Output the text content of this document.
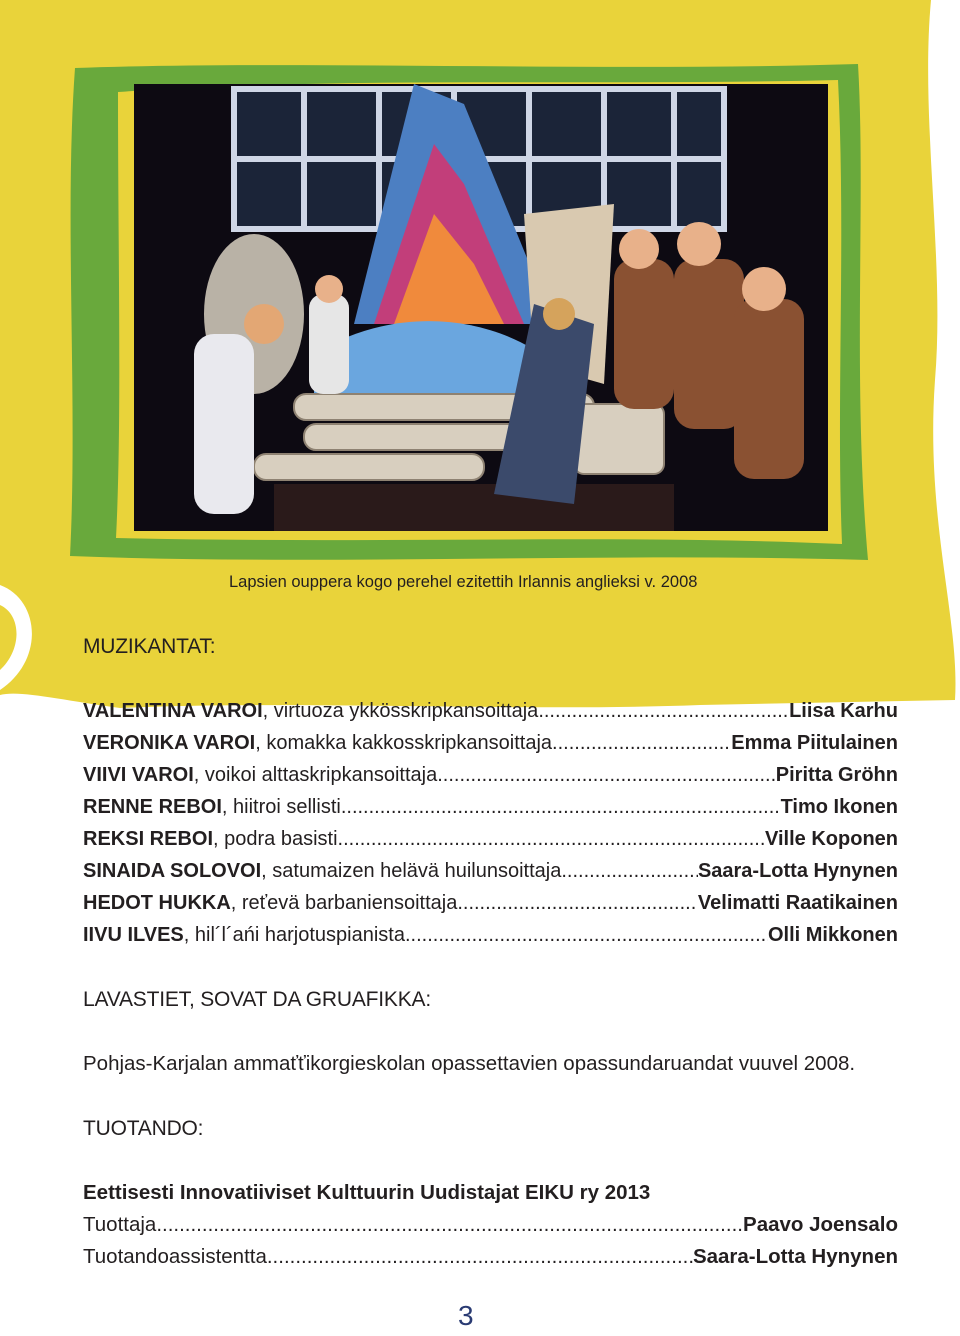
Lapsien ouppera kogo perehel ezitettih Irlannis anglieksi v. 2008
MUZIKANTAT:
VALENTINA VAROI , virtuoza ykkösskripkansoittaja .....	Liisa Karhu
VERONIKA VAROI , komakka kakkosskripkansoittaja .....	Emma Piitulainen
VIIVI VAROI , voikoi alttaskripkansoittaja .....	Piritta Gröhn
RENNE REBOI , hiitroi sellisti .....	Timo Ikonen
REKSI REBOI , podra basisti .....	Ville Koponen
SINAIDA SOLOVOI , satumaizen helävä huilunsoittaja .....	Saara-Lotta Hynynen
HEDOT HUKKA , reťevä barbaniensoittaja .....	Velimatti Raatikainen
IIVU ILVES , hil´l´ańi harjotuspianista .....	Olli Mikkonen
LAVASTIET, SOVAT DA GRUAFIKKA:
Pohjas-Karjalan ammaťťikorgieskolan opassettavien opassundaruandat vuuvel 2008.
TUOTANDO:
Eettisesti Innovatiiviset Kulttuurin Uudistajat EIKU ry 2013
Tuottaja .....	Paavo Joensalo
Tuotandoassistentta .....	Saara-Lotta Hynynen
3
